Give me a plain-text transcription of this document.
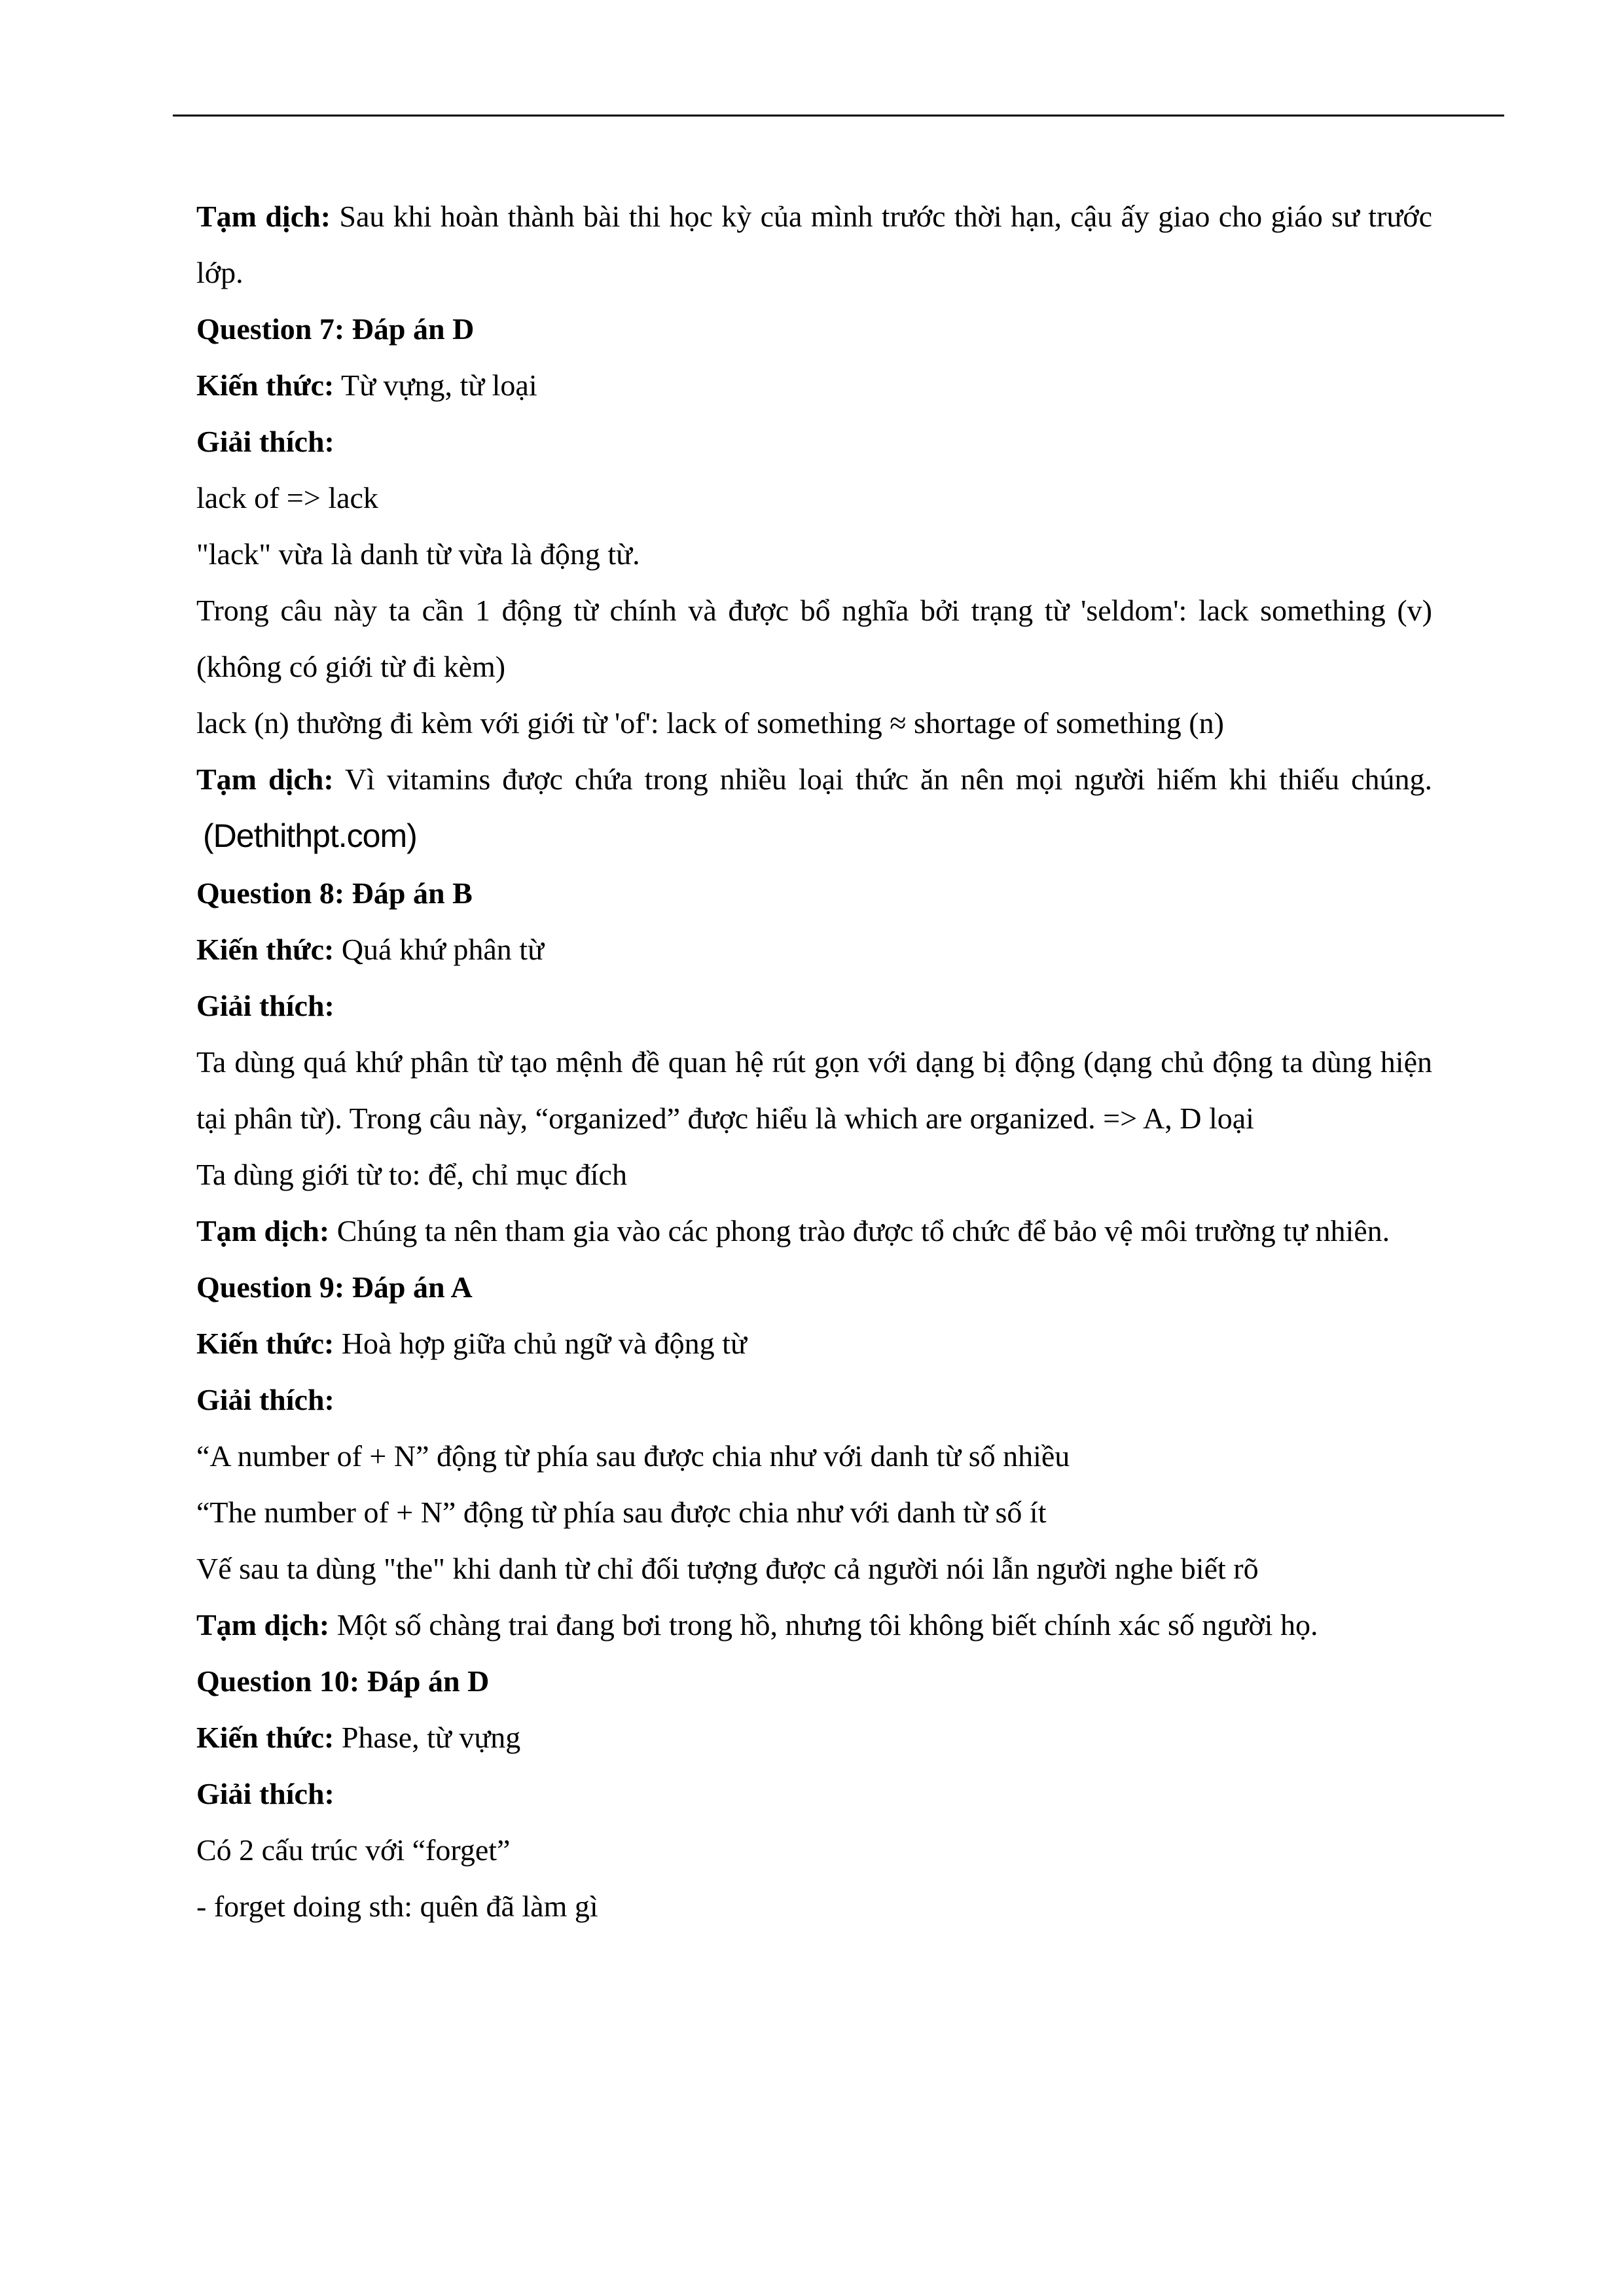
Tạm dịch: Sau khi hoàn thành bài thi học kỳ của mình trước thời hạn, cậu ấy giao cho giáo sư trước lớp.

Question 7: Đáp án D

Kiến thức: Từ vựng, từ loại

Giải thích:

lack of => lack

"lack" vừa là danh từ vừa là động từ.

Trong câu này ta cần 1 động từ chính và được bổ nghĩa bởi trạng từ 'seldom': lack something (v) (không có giới từ đi kèm)

lack (n) thường đi kèm với giới từ 'of': lack of something ≈ shortage of something (n)

Tạm dịch: Vì vitamins được chứa trong nhiều loại thức ăn nên mọi người hiếm khi thiếu chúng.(Dethithpt.com)

Question 8: Đáp án B

Kiến thức: Quá khứ phân từ

Giải thích:

Ta dùng quá khứ phân từ tạo mệnh đề quan hệ rút gọn với dạng bị động (dạng chủ động ta dùng hiện tại phân từ). Trong câu này, “organized” được hiểu là which are organized. => A, D loại

Ta dùng giới từ to: để, chỉ mục đích

Tạm dịch: Chúng ta nên tham gia vào các phong trào được tổ chức để bảo vệ môi trường tự nhiên.

Question 9: Đáp án A

Kiến thức: Hoà hợp giữa chủ ngữ và động từ

Giải thích:

“A number of + N” động từ phía sau được chia như với danh từ số nhiều

“The number of + N” động từ phía sau được chia như với danh từ số ít

Vế sau ta dùng "the" khi danh từ chỉ đối tượng được cả người nói lẫn người nghe biết rõ

Tạm dịch: Một số chàng trai đang bơi trong hồ, nhưng tôi không biết chính xác số người họ.

Question 10: Đáp án D

Kiến thức: Phase, từ vựng

Giải thích:

Có 2 cấu trúc với “forget”

- forget doing sth: quên đã làm gì
